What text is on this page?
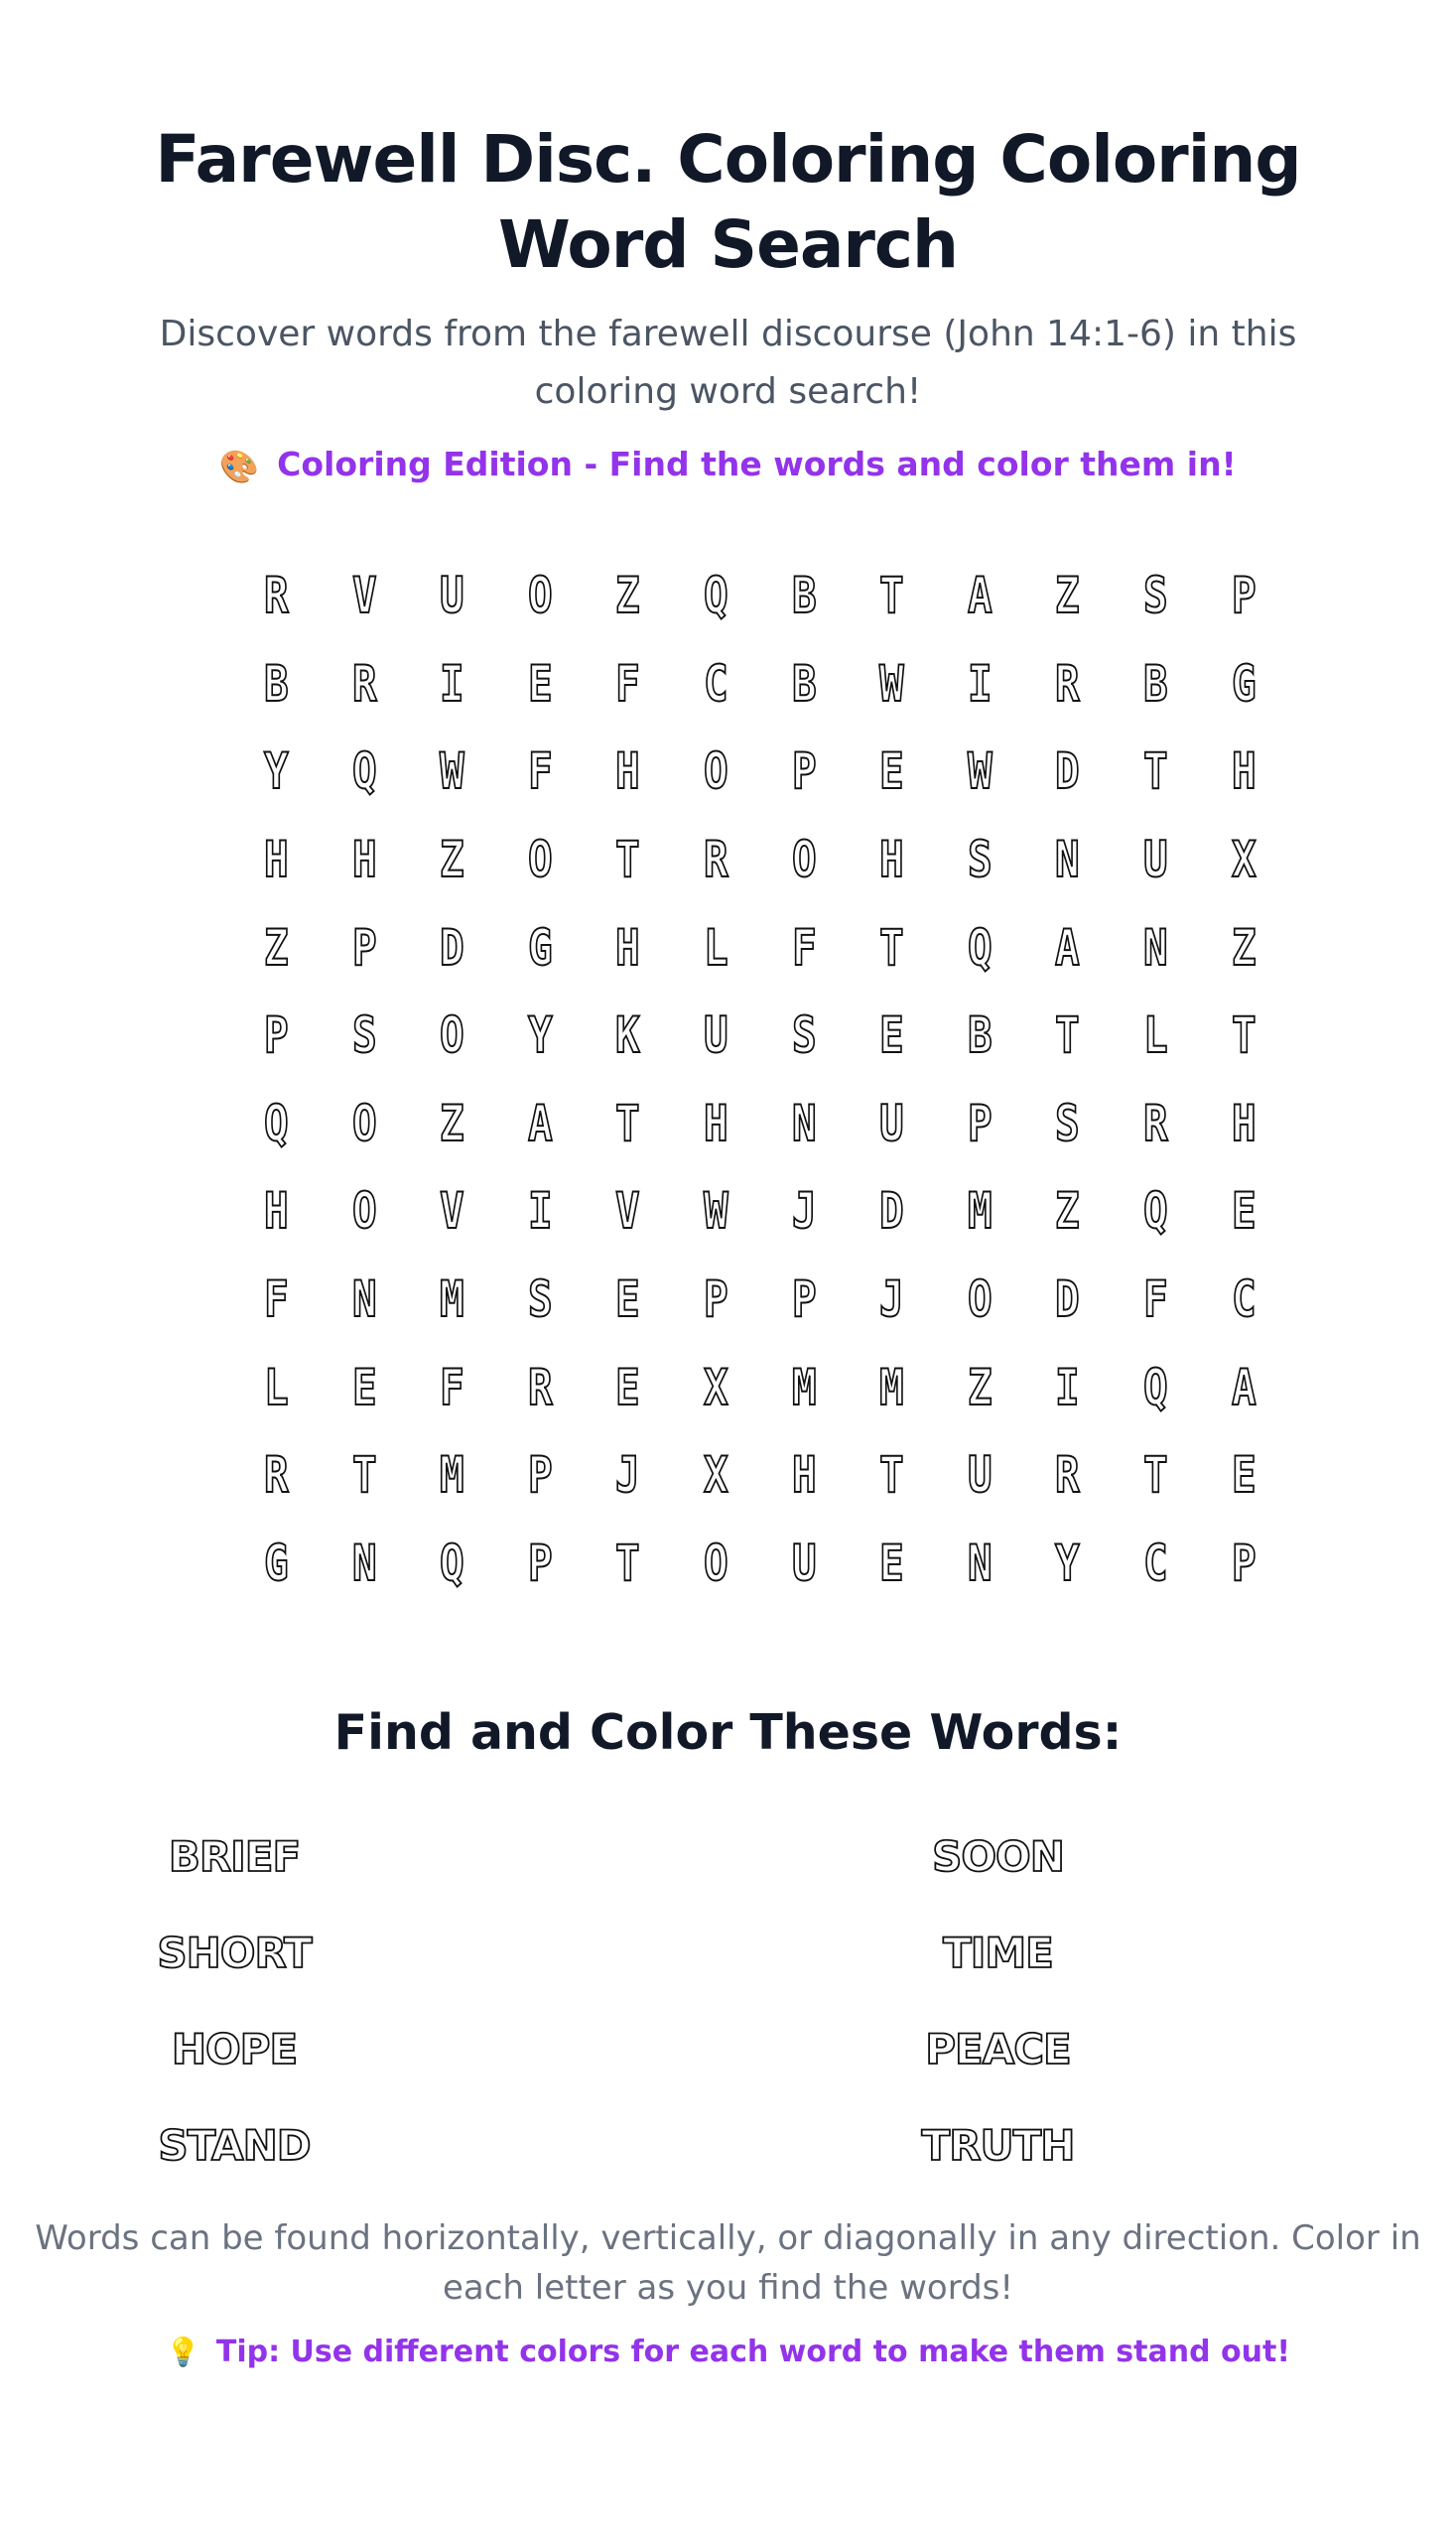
Farewell Disc. Coloring Coloring Word Search
Discover words from the farewell discourse (John 14:1-6) in this coloring word search!
🎨 Coloring Edition - Find the words and color them in!
R	V	U	O	Z	Q	B	T	A	Z	S	P
B	R	I	E	F	C	B	W	I	R	B	G
Y	Q	W	F	H	O	P	E	W	D	T	H
H	H	Z	O	T	R	O	H	S	N	U	X
Z	P	D	G	H	L	F	T	Q	A	N	Z
P	S	O	Y	K	U	S	E	B	T	L	T
Q	O	Z	A	T	H	N	U	P	S	R	H
H	O	V	I	V	W	J	D	M	Z	Q	E
F	N	M	S	E	P	P	J	O	D	F	C
L	E	F	R	E	X	M	M	Z	I	Q	A
R	T	M	P	J	X	H	T	U	R	T	E
G	N	Q	P	T	O	U	E	N	Y	C	P
Find and Color These Words:
BRIEF	SOON
SHORT	TIME
HOPE	PEACE
STAND	TRUTH
Words can be found horizontally, vertically, or diagonally in any direction. Color in each letter as you find the words!
💡 Tip: Use different colors for each word to make them stand out!
